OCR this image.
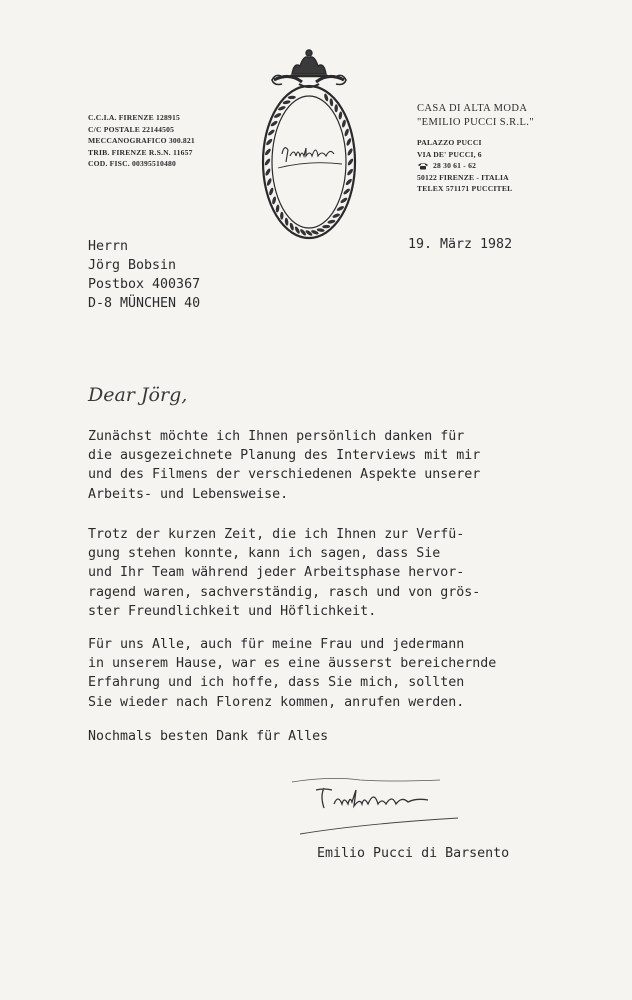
C.C.I.A. FIRENZE 128915
C/C POSTALE 22144505
MECCANOGRAFICO 300.821
TRIB. FIRENZE R.S.N. 11657
COD. FISC. 00395510480
Emilio Pucci
CASA DI ALTA MODA
"EMILIO PUCCI S.R.L."
PALAZZO PUCCI
VIA DE' PUCCI, 6
28 30 61 - 62
50122 FIRENZE - ITALIA
TELEX 571171 PUCCITEL
Herrn
Jörg Bobsin
Postbox 400367
D-8 MÜNCHEN 40
19. März 1982
Dear Jörg,
Zunächst möchte ich Ihnen persönlich danken für
die ausgezeichnete Planung des Interviews mit mir
und des Filmens der verschiedenen Aspekte unserer
Arbeits- und Lebensweise.
Trotz der kurzen Zeit, die ich Ihnen zur Verfü-
gung stehen konnte, kann ich sagen, dass Sie
und Ihr Team während jeder Arbeitsphase hervor-
ragend waren, sachverständig, rasch und von grös-
ster Freundlichkeit und Höflichkeit.
Für uns Alle, auch für meine Frau und jedermann
in unserem Hause, war es eine äusserst bereichernde
Erfahrung und ich hoffe, dass Sie mich, sollten
Sie wieder nach Florenz kommen, anrufen werden.
Nochmals besten Dank für Alles
Emilio Pucci
Emilio Pucci di Barsento
